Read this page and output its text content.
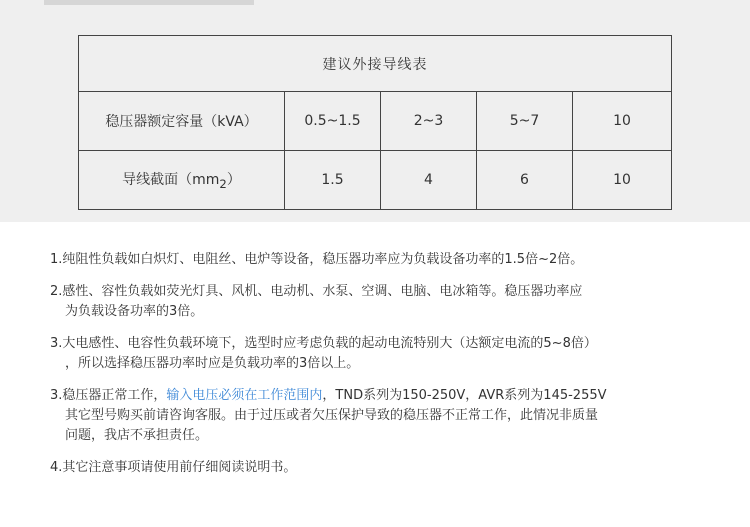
建议外接导线表				
稳压器额定容量（kVA）	0.5~1.5	2~3	5~7	10
导线截面$(mm_2)$	1.5	4	6	10

1.纯阻性负载如白炽灯、电阻丝、电炉等设备，稳压器功率应为负载设备功率的1.5倍~2倍。

2.感性、容性负载如荧光灯具、风机、电动机、水泵、空调、电脑、电冰箱等。稳压器功率应
为负载设备功率的3倍。
3.大电感性、电容性负载环境下，选型时应考虑负载的起动电流特别大（达额定电流的5~8倍）
，所以选择稳压器功率时应是负载功率的3倍以上。
3.稳压器正常工作，输入电压必须在工作范围内，TND系列为150-250V，AVR系列为145-255V
其它型号购买前请咨询客服。由于过压或者欠压保护导致的稳压器不正常工作，此情况非质量
问题，我店不承担责任。

4.其它注意事项请使用前仔细阅读说明书。
